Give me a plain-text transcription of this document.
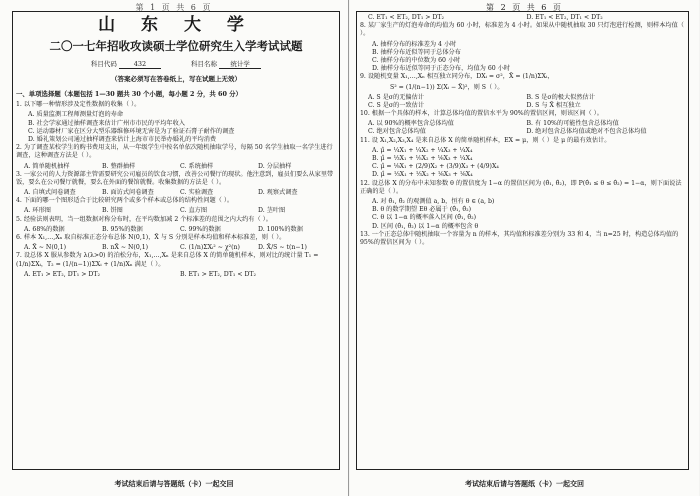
第 1 页 共 6 页
山 东 大 学
二〇一七年招收攻读硕士学位研究生入学考试试题
科目代码	432	科目名称 统计学
（答案必须写在答卷纸上，写在试题上无效）
一、单项选择题（本题包括 1—30 题共 30 个小题，每小题 2 分，共 60 分）

1. 以下哪一种情形涉及定性数据的收集（ ）。

A. 质量监测工程师测量灯泡的寿命

B. 社会学家通过抽样调查来估计广州市市民的平均年收入

C. 运动器材厂家在区分大型乐器维修环境无害是为了验证石膏子耐作的调查

D. 婚礼策划公司通过抽样调查来估计上海市市民举办婚礼的平均消费

2. 为了调查某校学生的购书费用支出，从一年级学生中按名单依次随机抽取学号，每隔 50 名学生抽取一名学生进行调查，这种调查方法是（ ）。

A. 简单随机抽样	B. 整群抽样	C. 系统抽样	D. 分层抽样

3. 一家公司的人力资源部主管需要研究公司雇员的饮食习惯，改善公司餐厅的现状。他注意到，雇员们要么从家里带饭，要么在公司餐厅就餐，要么在外面的餐馆就餐。收集数据的方法是（ ）。

A. 自填式问卷调查	B. 面访式问卷调查	C. 实验调查	D. 观察式调查

4. 下面的哪一个图形适合于比较研究两个或多个样本或总体的结构性问题（ ）。

A. 环形图	B. 饼图	C. 直方图	D. 茎叶图

5. 经验法则表明，当一组数据对称分布时，在平均数加减 2 个标准差的范围之内大约有（ ）。

A. 68%的数据	B. 95%的数据	C. 99%的数据	D. 100%的数据

6. 样本 X₁,…,Xₙ 取自标准正态分布总体 N(0,1)，X̄ 与 S 分别是样本均值和样本标准差，则（ ）。

A. X̄ ~ N(0,1)	B. nX̄ ~ N(0,1)	C. (1/n)ΣXᵢ² ~ χ²(n)	D. X̄/S ~ t(n−1)

7. 设总体 X 服从参数为 λ(λ>0) 的泊松分布，X₁,…,Xₙ 是来自总体 X 的简单随机样本，则对比的统计量 T₁ = (1/n)ΣXᵢ，T₂ = (1/(n−1))ΣXᵢ + (1/n)Xₙ 满足（ ）。

A. ET₁ > ET₂, DT₁ > DT₂	B. ET₁ > ET₂, DT₁ < DT₂
考试结束后请与答题纸（卡）一起交回
第 2 页 共 6 页
C. ET₁ < ET₂, DT₁ > DT₂	D. ET₁ < ET₂, DT₁ < DT₂

8. 某厂家生产的灯泡寿命的均值为 60 小时，标准差为 4 小时。如果从中随机抽取 30 只灯泡进行检测，则样本均值（ ）。

A. 抽样分布的标准差为 4 小时

B. 抽样分布近似等同于总体分布

C. 抽样分布的中位数为 60 小时

D. 抽样分布近似等同于正态分布，均值为 60 小时

9. 设随机变量 X₁,…,Xₙ 相互独立同分布，DXᵢ = σ²，X̄ = (1/n)ΣXᵢ，

S² = (1/(n−1)) Σ(Xᵢ − X̄)²，则 S（ ）。

A. S 是σ的无偏估计	B. S 是σ的极大似然估计
C. S 是σ的一致估计	D. S 与 X̄ 相互独立

10. 根据一个具体的样本，计算总体均值的置信水平为 90%的置信区间，则该区间（ ）。

A. 以 90%的概率包含总体均值	B. 有 10%的可能性包含总体均值
C. 绝对包含总体均值	D. 绝对包含总体均值或绝对不包含总体均值

11. 设 X₁,X₂,X₃,X₄ 是来自总体 X 的简单随机样本，EX = μ，则（ ）是 μ 的最有效估计。

A. μ̂ = ¼X₁ + ¼X₂ + ¼X₃ + ¼X₄

B. μ̂ = ⅓X₁ + ⅕X₂ + ⅙X₃ + ¼X₄

C. μ̂ = ⅑X₁ + (2/9)X₂ + (3/9)X₃ + (4/9)X₄

D. μ̂ = ⅓X₁ + ⅓X₂ + ⅙X₃ + ⅙X₄

12. 设总体 X 的分布中未知参数 θ 的置信度为 1−α 的置信区间为 (θ̂₁, θ̂₂)，即 P(θ̂₁ ≤ θ ≤ θ̂₂) = 1−α，则下面说法正确的是（ ）。

A. 对 θ̂₁, θ̂₂ 的观测值 a, b，恒有 θ ∈ (a, b)

B. θ 的数学期望 Eθ 必属于 (θ̂₁, θ̂₂)

C. θ 以 1−α 的概率落入区间 (θ̂₁, θ̂₂)

D. 区间 (θ̂₁, θ̂₂) 以 1−α 的概率包含 θ

13. 一个正态总体中随机抽取一个容量为 n 的样本，其均值和标准差分别为 33 和 4，当 n=25 时，构造总体均值的 95%的置信区间为（ ）。

考试结束后请与答题纸（卡）一起交回
